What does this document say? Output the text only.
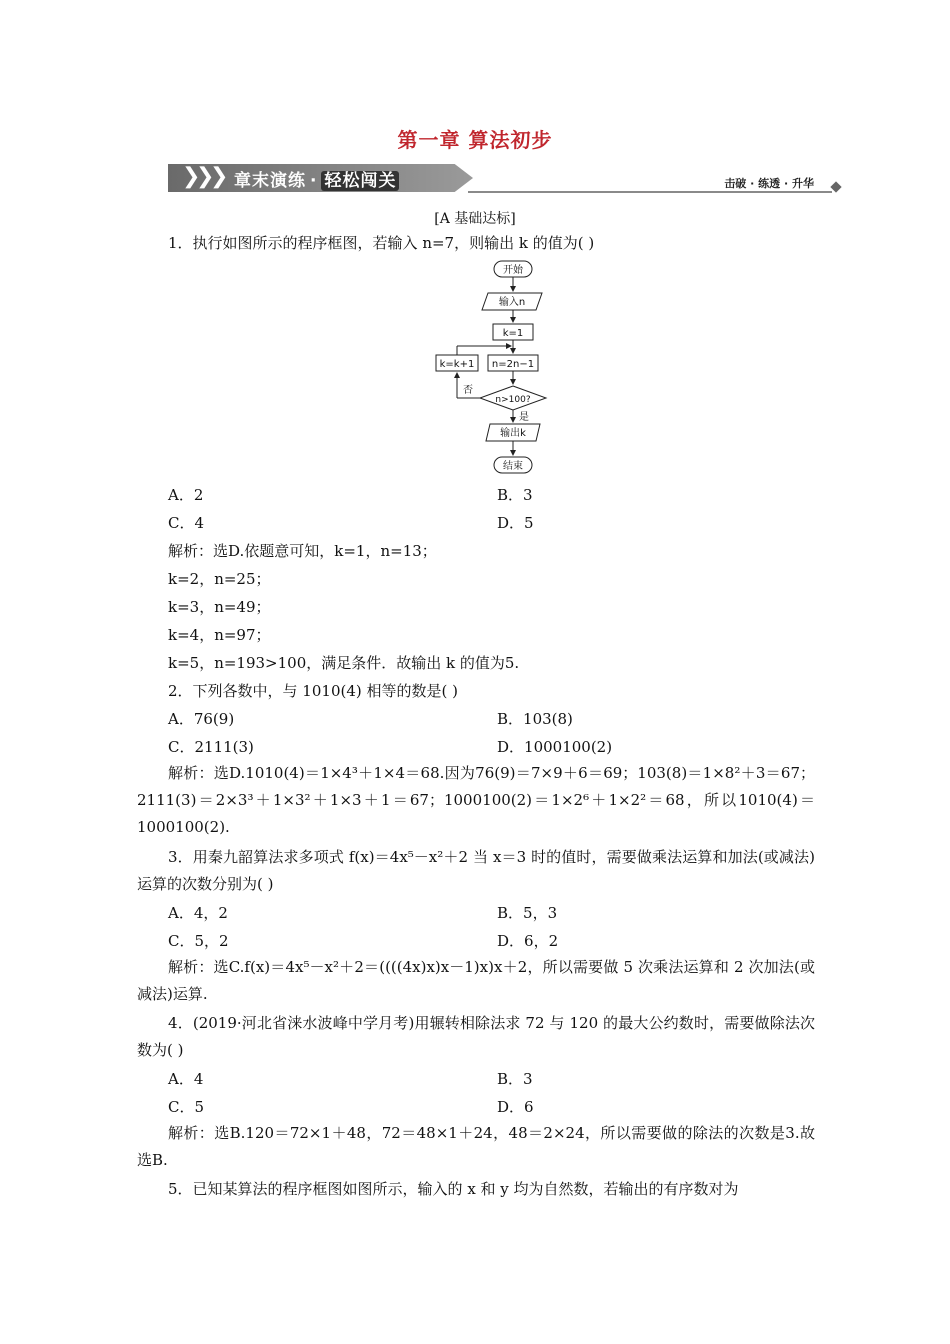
第一章 算法初步
❯
❯
❯ 章末演练 · 轻松闯关	击破 · 练透 · 升华
[A 基础达标]
1．执行如图所示的程序框图，若输入 n=7，则输出 k 的值为( )
开始
输入n
k=1
n=2n−1
k=k+1
n>100?
否
是
输出k
结束
A．2	B．3
C．4	D．5
解析：选D.依题意可知，k=1，n=13；
k=2，n=25；
k=3，n=49；
k=4，n=97；
k=5，n=193>100，满足条件．故输出 k 的值为5.
2．下列各数中，与 1010(4) 相等的数是( )
A．76(9)	B．103(8)
C．2111(3)	D．1000100(2)
解析：选D.1010(4)＝1×4³＋1×4＝68.因为76(9)＝7×9＋6＝69；103(8)＝1×8²＋3＝67；2111(3)＝2×3³＋1×3²＋1×3＋1＝67；1000100(2)＝1×2⁶＋1×2²＝68，所以1010(4)＝1000100(2).
3．用秦九韶算法求多项式 f(x)＝4x⁵－x²＋2 当 x＝3 时的值时，需要做乘法运算和加法(或减法)运算的次数分别为( )
A．4，2	B．5，3
C．5，2	D．6，2
解析：选C.f(x)＝4x⁵－x²＋2＝((((4x)x)x－1)x)x＋2，所以需要做 5 次乘法运算和 2 次加法(或减法)运算.
4．(2019·河北省涞水波峰中学月考)用辗转相除法求 72 与 120 的最大公约数时，需要做除法次数为( )
A．4	B．3
C．5	D．6
解析：选B.120＝72×1＋48，72＝48×1＋24，48＝2×24，所以需要做的除法的次数是3.故选B.
5．已知某算法的程序框图如图所示，输入的 x 和 y 均为自然数，若输出的有序数对为
